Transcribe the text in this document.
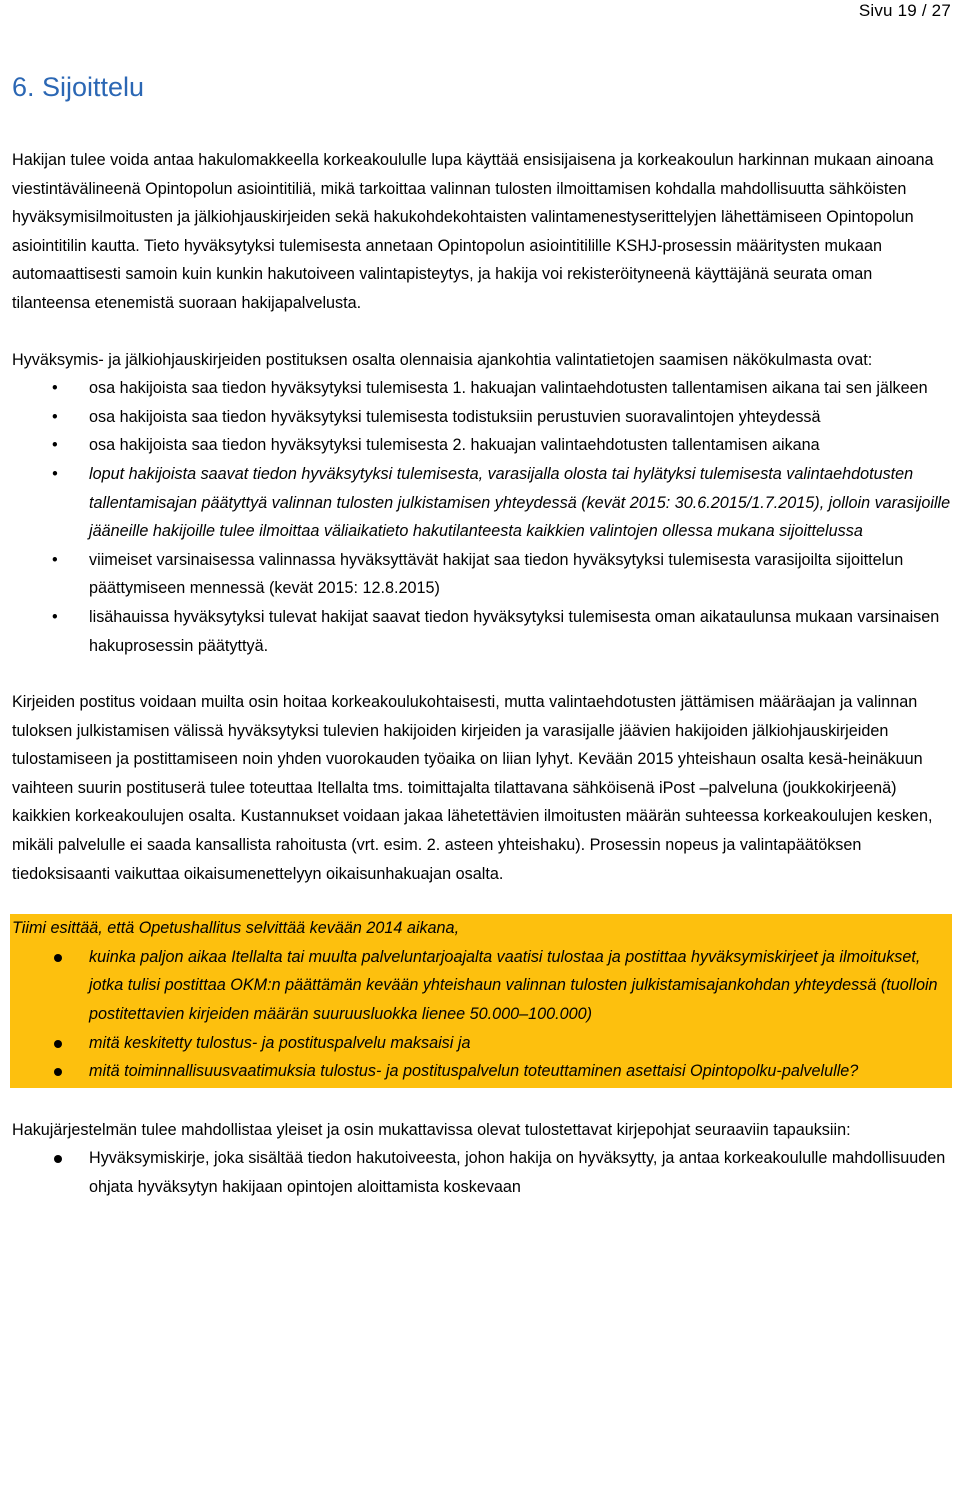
Sivu 19 / 27
6. Sijoittelu

Hakijan tulee voida antaa hakulomakkeella korkeakoululle lupa käyttää ensisijaisena ja korkeakoulun harkinnan mukaan ainoana viestintävälineenä Opintopolun asiointitiliä, mikä tarkoittaa valinnan tulosten ilmoittamisen kohdalla mahdollisuutta sähköisten hyväksymisilmoitusten ja jälkiohjauskirjeiden sekä hakukohdekohtaisten valintamenestyserittelyjen lähettämiseen Opintopolun asiointitilin kautta. Tieto hyväksytyksi tulemisesta annetaan Opintopolun asiointitilille KSHJ-prosessin määritysten mukaan automaattisesti samoin kuin kunkin hakutoiveen valintapisteytys, ja hakija voi rekisteröityneenä käyttäjänä seurata oman tilanteensa etenemistä suoraan hakijapalvelusta.

Hyväksymis- ja jälkiohjauskirjeiden postituksen osalta olennaisia ajankohtia valintatietojen saamisen näkökulmasta ovat:

• osa hakijoista saa tiedon hyväksytyksi tulemisesta 1. hakuajan valintaehdotusten tallentamisen aikana tai sen jälkeen
• osa hakijoista saa tiedon hyväksytyksi tulemisesta todistuksiin perustuvien suoravalintojen yhteydessä
• osa hakijoista saa tiedon hyväksytyksi tulemisesta 2. hakuajan valintaehdotusten tallentamisen aikana
• loput hakijoista saavat tiedon hyväksytyksi tulemisesta, varasijalla olosta tai hylätyksi tulemisesta valintaehdotusten tallentamisajan päätyttyä valinnan tulosten julkistamisen yhteydessä (kevät 2015: 30.6.2015/1.7.2015), jolloin varasijoille jääneille hakijoille tulee ilmoittaa väliaikatieto hakutilanteesta kaikkien valintojen ollessa mukana sijoittelussa
• viimeiset varsinaisessa valinnassa hyväksyttävät hakijat saa tiedon hyväksytyksi tulemisesta varasijoilta sijoittelun päättymiseen mennessä (kevät 2015: 12.8.2015)
• lisähauissa hyväksytyksi tulevat hakijat saavat tiedon hyväksytyksi tulemisesta oman aikataulunsa mukaan varsinaisen hakuprosessin päätyttyä.

Kirjeiden postitus voidaan muilta osin hoitaa korkeakoulukohtaisesti, mutta valintaehdotusten jättämisen määräajan ja valinnan tuloksen julkistamisen välissä hyväksytyksi tulevien hakijoiden kirjeiden ja varasijalle jäävien hakijoiden jälkiohjauskirjeiden tulostamiseen ja postittamiseen noin yhden vuorokauden työaika on liian lyhyt. Kevään 2015 yhteishaun osalta kesä-heinäkuun vaihteen suurin postituserä tulee toteuttaa Itellalta tms. toimittajalta tilattavana sähköisenä iPost –palveluna (joukkokirjeenä) kaikkien korkeakoulujen osalta. Kustannukset voidaan jakaa lähetettävien ilmoitusten määrän suhteessa korkeakoulujen kesken, mikäli palvelulle ei saada kansallista rahoitusta (vrt. esim. 2. asteen yhteishaku). Prosessin nopeus ja valintapäätöksen tiedoksisaanti vaikuttaa oikaisumenettelyyn oikaisunhakuajan osalta.

Tiimi esittää, että Opetushallitus selvittää kevään 2014 aikana,

kuinka paljon aikaa Itellalta tai muulta palveluntarjoajalta vaatisi tulostaa ja postittaa hyväksymiskirjeet ja ilmoitukset, jotka tulisi postittaa OKM:n päättämän kevään yhteishaun valinnan tulosten julkistamisajankohdan yhteydessä (tuolloin postitettavien kirjeiden määrän suuruusluokka lienee 50.000–100.000)
mitä keskitetty tulostus- ja postituspalvelu maksaisi ja
mitä toiminnallisuusvaatimuksia tulostus- ja postituspalvelun toteuttaminen asettaisi Opintopolku-palvelulle?

Hakujärjestelmän tulee mahdollistaa yleiset ja osin mukattavissa olevat tulostettavat kirjepohjat seuraaviin tapauksiin:

Hyväksymiskirje, joka sisältää tiedon hakutoiveesta, johon hakija on hyväksytty, ja antaa korkeakoululle mahdollisuuden ohjata hyväksytyn hakijaan opintojen aloittamista koskevaan
